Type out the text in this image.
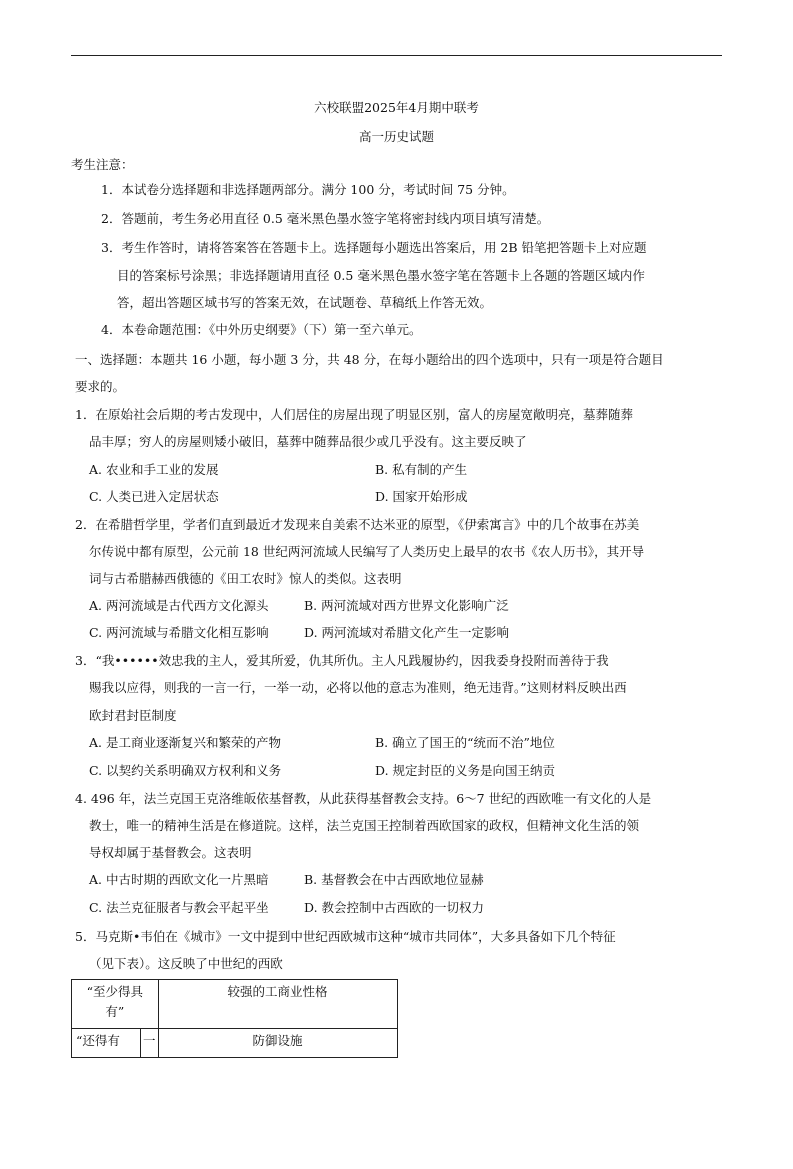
六校联盟2025年4月期中联考
高一历史试题
考生注意：
1．本试卷分选择题和非选择题两部分。满分 100 分，考试时间 75 分钟。
2．答题前，考生务必用直径 0.5 毫米黑色墨水签字笔将密封线内项目填写清楚。
3．考生作答时，请将答案答在答题卡上。选择题每小题选出答案后，用 2B 铅笔把答题卡上对应题
目的答案标号涂黑；非选择题请用直径 0.5 毫米黑色墨水签字笔在答题卡上各题的答题区域内作
答，超出答题区域书写的答案无效，在试题卷、草稿纸上作答无效。
4．本卷命题范围：《中外历史纲要》（下）第一至六单元。
一、选择题：本题共 16 小题，每小题 3 分，共 48 分，在每小题给出的四个选项中，只有一项是符合题目
要求的。
1．在原始社会后期的考古发现中，人们居住的房屋出现了明显区别，富人的房屋宽敞明亮，墓葬随葬
品丰厚；穷人的房屋则矮小破旧，墓葬中随葬品很少或几乎没有。这主要反映了
A. 农业和手工业的发展	B. 私有制的产生
C. 人类已进入定居状态	D. 国家开始形成
2．在希腊哲学里，学者们直到最近才发现来自美索不达米亚的原型，《伊索寓言》中的几个故事在苏美
尔传说中都有原型，公元前 18 世纪两河流域人民编写了人类历史上最早的农书《农人历书》，其开导
词与古希腊赫西俄德的《田工农时》惊人的类似。这表明
A. 两河流域是古代西方文化源头	B. 两河流域对西方世界文化影响广泛
C. 两河流域与希腊文化相互影响	D. 两河流域对希腊文化产生一定影响
3．“我••••••效忠我的主人，爱其所爱，仇其所仇。主人凡践履协约，因我委身投附而善待于我
赐我以应得，则我的一言一行，一举一动，必将以他的意志为准则，绝无违背。”这则材料反映出西
欧封君封臣制度
A. 是工商业逐渐复兴和繁荣的产物	B. 确立了国王的“统而不治”地位
C. 以契约关系明确双方权利和义务	D. 规定封臣的义务是向国王纳贡
4. 496 年，法兰克国王克洛维皈依基督教，从此获得基督教会支持。6～7 世纪的西欧唯一有文化的人是
教士，唯一的精神生活是在修道院。这样，法兰克国王控制着西欧国家的政权，但精神文化生活的领
导权却属于基督教会。这表明
A. 中古时期的西欧文化一片黑暗	B. 基督教会在中古西欧地位显赫
C. 法兰克征服者与教会平起平坐	D. 教会控制中古西欧的一切权力
5．马克斯•韦伯在《城市》一文中提到中世纪西欧城市这种“城市共同体”，大多具备如下几个特征
（见下表）。这反映了中世纪的西欧
“至少得具
有”		较强的工商业性格
“还得有	一	防御设施
